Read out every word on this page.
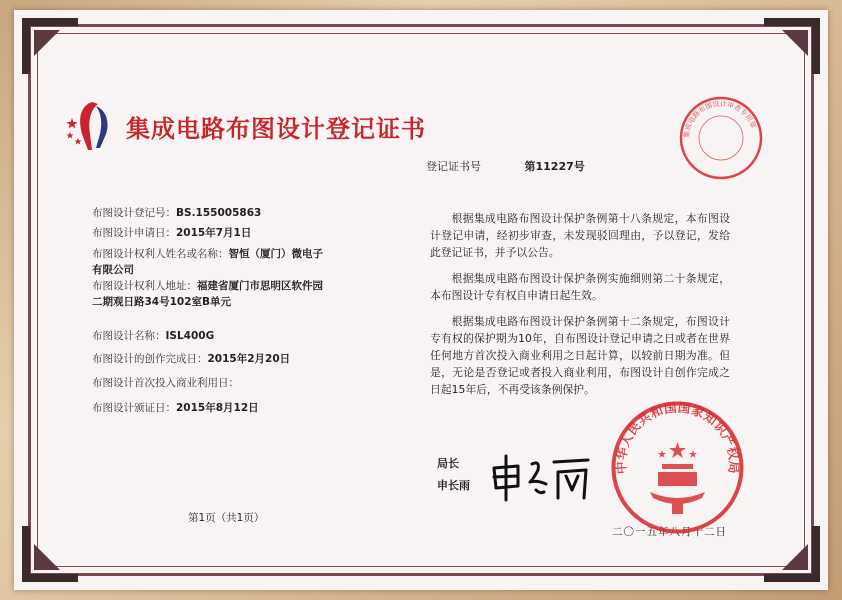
集成电路布图设计登记证书
登记证书号	第11227号
布图设计登记号：BS.155005863
布图设计申请日：2015年7月1日
布图设计权利人姓名或名称：智恒（厦门）微电子
有限公司
布图设计权利人地址：福建省厦门市思明区软件园
二期观日路34号102室B单元
布图设计名称：ISL400G
布图设计的创作完成日：2015年2月20日
布图设计首次投入商业利用日：
布图设计颁证日：2015年8月12日

根据集成电路布图设计保护条例第十八条规定，本布图设计登记申请，经初步审查，未发现驳回理由，予以登记，发给此登记证书，并予以公告。

根据集成电路布图设计保护条例实施细则第二十条规定，本布图设计专有权自申请日起生效。

根据集成电路布图设计保护条例第十二条规定，布图设计专有权的保护期为10年，自布图设计登记申请之日或者在世界任何地方首次投入商业利用之日起计算，以较前日期为准。但是，无论是否登记或者投入商业利用，布图设计自创作完成之日起15年后，不再受该条例保护。

局长
申长雨
第1页（共1页）
二〇一五年八月十二日
集成电路布图设计审查专用章
中华人民共和国国家知识产权局
